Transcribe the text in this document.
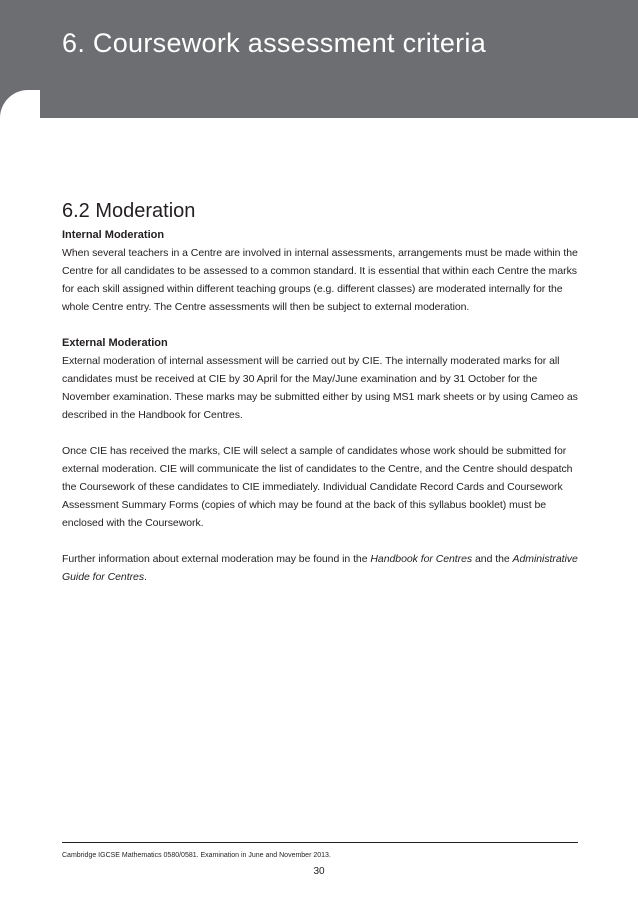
6. Coursework assessment criteria
6.2 Moderation

Internal Moderation

When several teachers in a Centre are involved in internal assessments, arrangements must be made within the Centre for all candidates to be assessed to a common standard. It is essential that within each Centre the marks for each skill assigned within different teaching groups (e.g. different classes) are moderated internally for the whole Centre entry. The Centre assessments will then be subject to external moderation.

External Moderation

External moderation of internal assessment will be carried out by CIE. The internally moderated marks for all candidates must be received at CIE by 30 April for the May/June examination and by 31 October for the November examination. These marks may be submitted either by using MS1 mark sheets or by using Cameo as described in the Handbook for Centres.

Once CIE has received the marks, CIE will select a sample of candidates whose work should be submitted for external moderation. CIE will communicate the list of candidates to the Centre, and the Centre should despatch the Coursework of these candidates to CIE immediately. Individual Candidate Record Cards and Coursework Assessment Summary Forms (copies of which may be found at the back of this syllabus booklet) must be enclosed with the Coursework.

Further information about external moderation may be found in the Handbook for Centres and the Administrative Guide for Centres.

Cambridge IGCSE Mathematics 0580/0581. Examination in June and November 2013.
30
